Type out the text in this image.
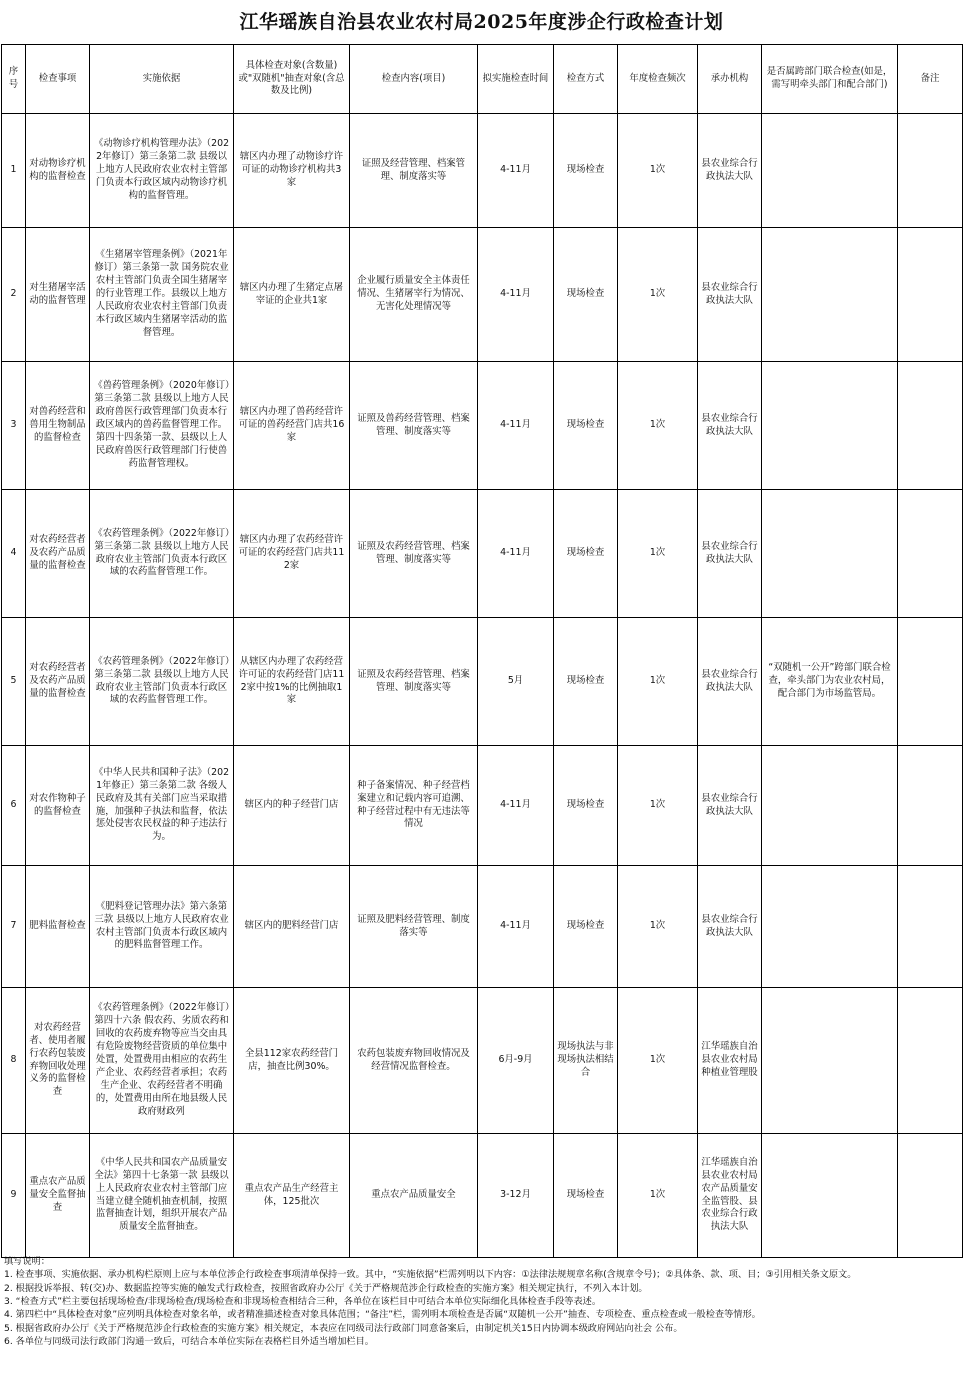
江华瑶族自治县农业农村局2025年度涉企行政检查计划
序号	检查事项	实施依据	具体检查对象(含数量)或"双随机"抽查对象(含总数及比例)	检查内容(项目)	拟实施检查时间	检查方式	年度检查频次	承办机构	是否属跨部门联合检查(如是，需写明牵头部门和配合部门)	备注
1	对动物诊疗机构的监督检查	《动物诊疗机构管理办法》（2022年修订）第三条第二款 县级以上地方人民政府农业农村主管部门负责本行政区域内动物诊疗机构的监督管理。	辖区内办理了动物诊疗许可证的动物诊疗机构共3家	证照及经营管理、档案管理、制度落实等	4-11月	现场检查	1次	县农业综合行政执法大队		
2	对生猪屠宰活动的监督管理	《生猪屠宰管理条例》（2021年修订）第三条第一款 国务院农业农村主管部门负责全国生猪屠宰的行业管理工作。县级以上地方人民政府农业农村主管部门负责本行政区域内生猪屠宰活动的监督管理。	辖区内办理了生猪定点屠宰证的企业共1家	企业履行质量安全主体责任情况、生猪屠宰行为情况、无害化处理情况等	4-11月	现场检查	1次	县农业综合行政执法大队		
3	对兽药经营和兽用生物制品的监督检查	《兽药管理条例》（2020年修订）第三条第二款 县级以上地方人民政府兽医行政管理部门负责本行政区域内的兽药监督管理工作。第四十四条第一款、县级以上人民政府兽医行政管理部门行使兽药监督管理权。	辖区内办理了兽药经营许可证的兽药经营门店共16家	证照及兽药经营管理、档案管理、制度落实等	4-11月	现场检查	1次	县农业综合行政执法大队		
4	对农药经营者及农药产品质量的监督检查	《农药管理条例》（2022年修订）第三条第二款 县级以上地方人民政府农业主管部门负责本行政区域的农药监督管理工作。	辖区内办理了农药经营许可证的农药经营门店共112家	证照及农药经营管理、档案管理、制度落实等	4-11月	现场检查	1次	县农业综合行政执法大队		
5	对农药经营者及农药产品质量的监督检查	《农药管理条例》（2022年修订）第三条第二款 县级以上地方人民政府农业主管部门负责本行政区域的农药监督管理工作。	从辖区内办理了农药经营许可证的农药经营门店112家中按1%的比例抽取1家	证照及农药经营管理、档案管理、制度落实等	5月	现场检查	1次	县农业综合行政执法大队	“双随机一公开”跨部门联合检查，牵头部门为农业农村局，配合部门为市场监管局。	
6	对农作物种子的监督检查	《中华人民共和国种子法》（2021年修正）第三条第二款 各级人民政府及其有关部门应当采取措施，加强种子执法和监督，依法惩处侵害农民权益的种子违法行为。	辖区内的种子经营门店	种子备案情况、种子经营档案建立和记载内容可追溯、种子经营过程中有无违法等情况	4-11月	现场检查	1次	县农业综合行政执法大队		
7	肥料监督检查	《肥料登记管理办法》第六条第三款 县级以上地方人民政府农业农村主管部门负责本行政区域内的肥料监督管理工作。	辖区内的肥料经营门店	证照及肥料经营管理、制度落实等	4-11月	现场检查	1次	县农业综合行政执法大队		
8	对农药经营者、使用者履行农药包装废弃物回收处理义务的监督检查	《农药管理条例》（2022年修订）第四十六条 假农药、劣质农药和回收的农药废弃物等应当交由具有危险废物经营资质的单位集中处置，处置费用由相应的农药生产企业、农药经营者承担；农药生产企业、农药经营者不明确的，处置费用由所在地县级人民政府财政列	全县112家农药经营门店，抽查比例30%。	农药包装废弃物回收情况及经营情况监督检查。	6月-9月	现场执法与非现场执法相结合	1次	江华瑶族自治县农业农村局种植业管理股		
9	重点农产品质量安全监督抽查	《中华人民共和国农产品质量安全法》第四十七条第一款 县级以上人民政府农业农村主管部门应当建立健全随机抽查机制，按照监督抽查计划，组织开展农产品质量安全监督抽查。	重点农产品生产经营主体，125批次	重点农产品质量安全	3-12月	现场检查	1次	江华瑶族自治县农业农村局农产品质量安全监管股、县农业综合行政执法大队		
填写说明：
1. 检查事项、实施依据、承办机构栏原则上应与本单位涉企行政检查事项清单保持一致。其中，“实施依据”栏需列明以下内容：①法律法规规章名称(含规章令号)；②具体条、款、项、目；③引用相关条文原文。
2. 根据投诉举报、转(交)办、数据监控等实施的触发式行政检查，按照省政府办公厅《关于严格规范涉企行政检查的实施方案》相关规定执行，不列入本计划。
3. “检查方式”栏主要包括现场检查/非现场检查/现场检查和非现场检查相结合三种，各单位在该栏目中可结合本单位实际细化具体检查手段等表述。
4. 第四栏中“具体检查对象”应列明具体检查对象名单，或者精准描述检查对象具体范围；“备注”栏，需列明本项检查是否属“双随机一公开”抽查、专项检查、重点检查或一般检查等情形。
5. 根据省政府办公厅《关于严格规范涉企行政检查的实施方案》相关规定，本表应在同级司法行政部门同意备案后，由制定机关15日内协调本级政府网站向社会 公布。
6. 各单位与同级司法行政部门沟通一致后，可结合本单位实际在表格栏目外适当增加栏目。
